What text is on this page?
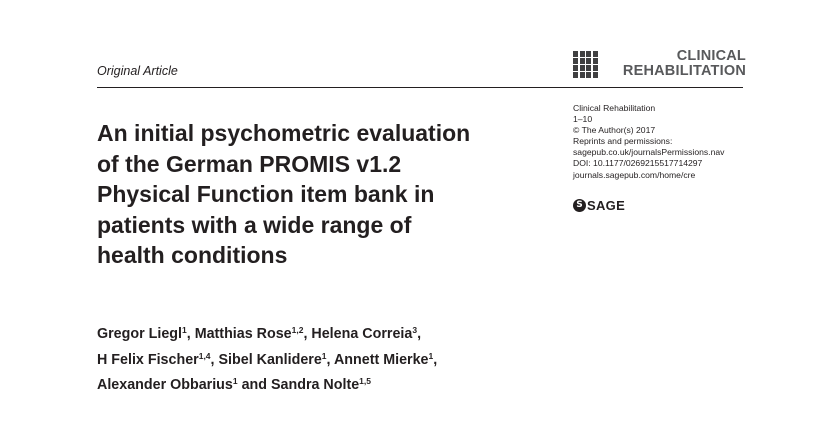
Original Article
CLINICAL
REHABILITATION
Clinical Rehabilitation
1–10
© The Author(s) 2017
Reprints and permissions:
sagepub.co.uk/journalsPermissions.nav
DOI: 10.1177/0269215517714297
journals.sagepub.com/home/cre
S SAGE
An initial psychometric evaluation
of the German PROMIS v1.2
Physical Function item bank in
patients with a wide range of
health conditions
Gregor Liegl$^1$, Matthias Rose$^{1,2}$, Helena Correia$^3$,
H Felix Fischer$^{1,4}$, Sibel Kanlidere$^1$, Annett Mierke$^1$,
Alexander Obbarius$^1$ and Sandra Nolte$^{1,5}$
